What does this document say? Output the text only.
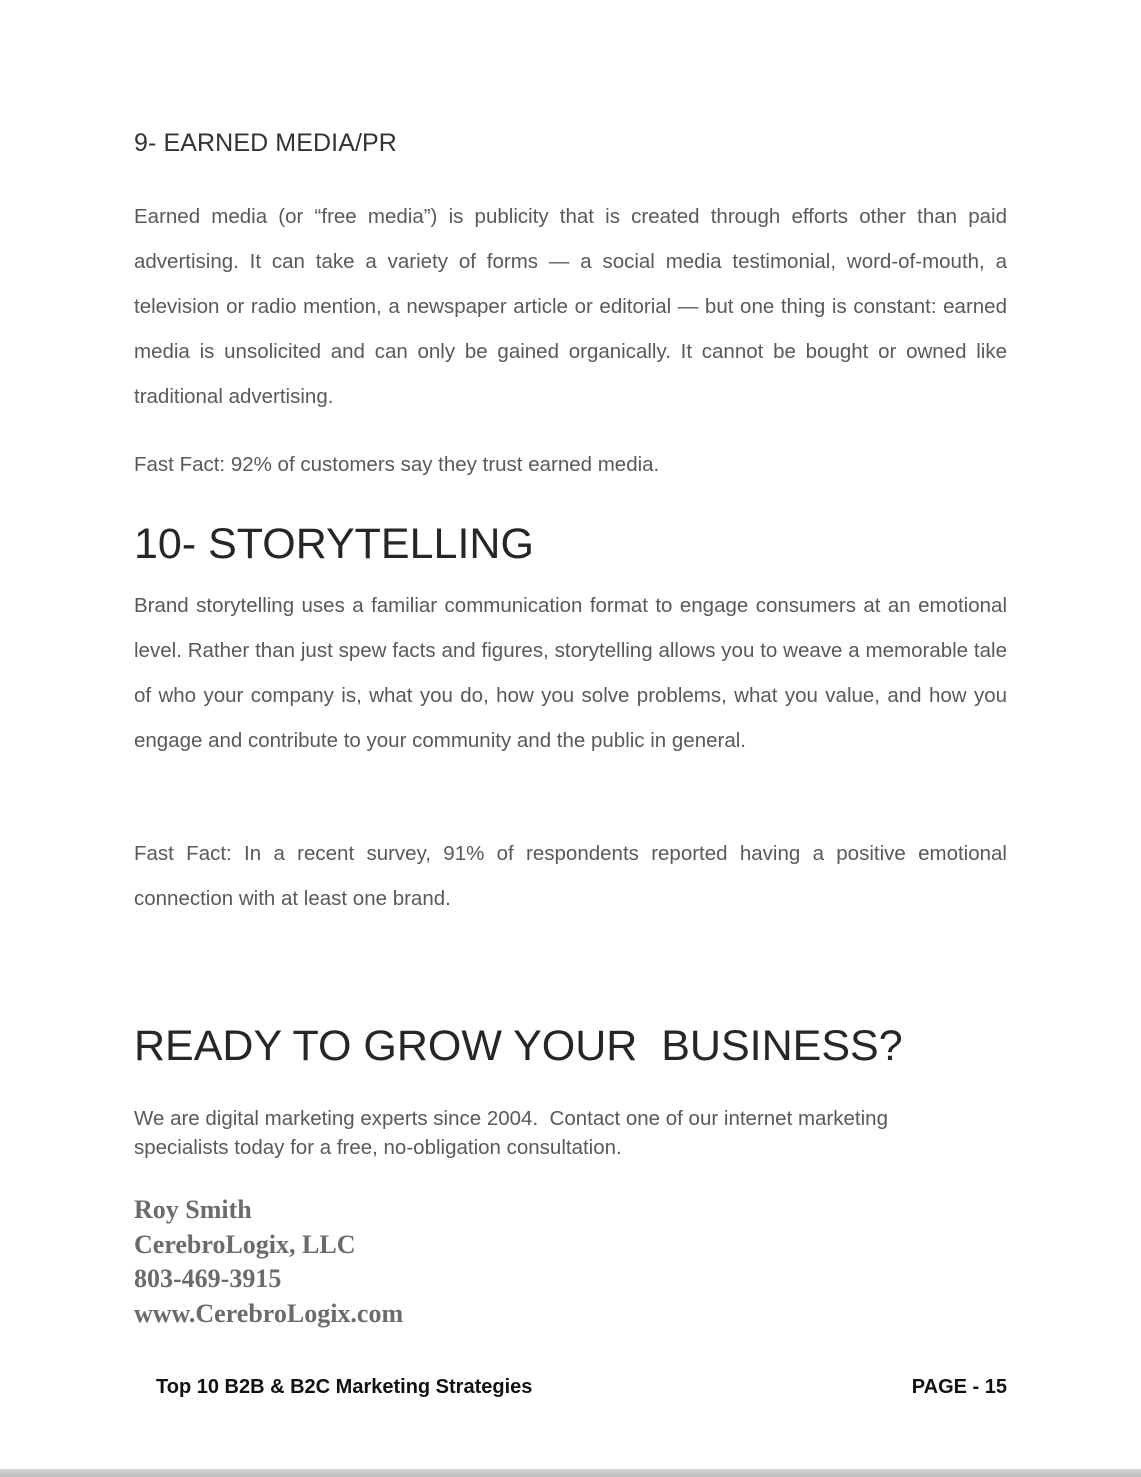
9- EARNED MEDIA/PR

Earned media (or “free media”) is publicity that is created through efforts other than paid advertising. It can take a variety of forms — a social media testimonial, word-of-mouth, a television or radio mention, a newspaper article or editorial — but one thing is constant: earned media is unsolicited and can only be gained organically. It cannot be bought or owned like traditional advertising.

Fast Fact: 92% of customers say they trust earned media.

10- STORYTELLING

Brand storytelling uses a familiar communication format to engage consumers at an emotional level. Rather than just spew facts and figures, storytelling allows you to weave a memorable tale of who your company is, what you do, how you solve problems, what you value, and how you engage and contribute to your community and the public in general.

Fast Fact: In a recent survey, 91% of respondents reported having a positive emotional connection with at least one brand.

READY TO GROW YOUR  BUSINESS?

We are digital marketing experts since 2004.  Contact one of our internet marketing
specialists today for a free, no-obligation consultation.

Roy Smith
CerebroLogix, LLC
803-469-3915
www.CerebroLogix.com

Top 10 B2B & B2C Marketing Strategies	PAGE - 15
